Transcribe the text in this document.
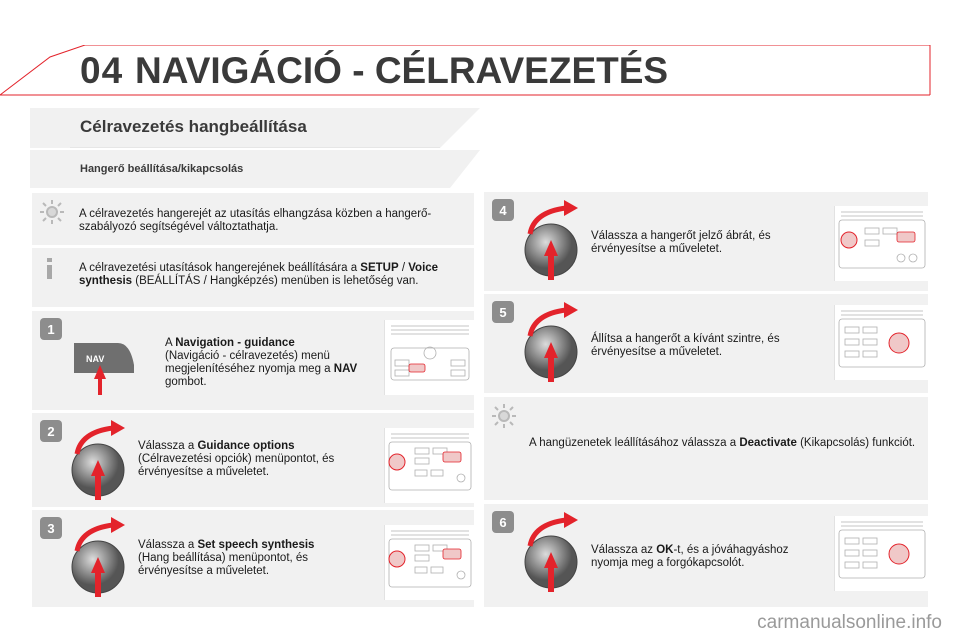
04 NAVIGÁCIÓ - CÉLRAVEZETÉS
Célravezetés hangbeállítása
Hangerő beállítása/kikapcsolás
A célravezetés hangerejét az utasítás elhangzása közben a hangerő-szabályozó segítségével változtathatja.
A célravezetési utasítások hangerejének beállítására a SETUP / Voice synthesis (BEÁLLÍTÁS / Hangképzés) menüben is lehetőség van.
1
NAV
A Navigation - guidance
(Navigáció - célravezetés) menü megjelenítéséhez nyomja meg a NAV gombot.
2
Válassza a Guidance options
(Célravezetési opciók) menüpontot, és érvényesítse a műveletet.
3
Válassza a Set speech synthesis
(Hang beállítása) menüpontot, és érvényesítse a műveletet.
4
Válassza a hangerőt jelző ábrát, és érvényesítse a műveletet.
5
Állítsa a hangerőt a kívánt szintre, és érvényesítse a műveletet.
A hangüzenetek leállításához válassza a Deactivate (Kikapcsolás) funkciót.
6
Válassza az OK-t, és a jóváhagyáshoz nyomja meg a forgókapcsolót.
carmanualsonline.info
